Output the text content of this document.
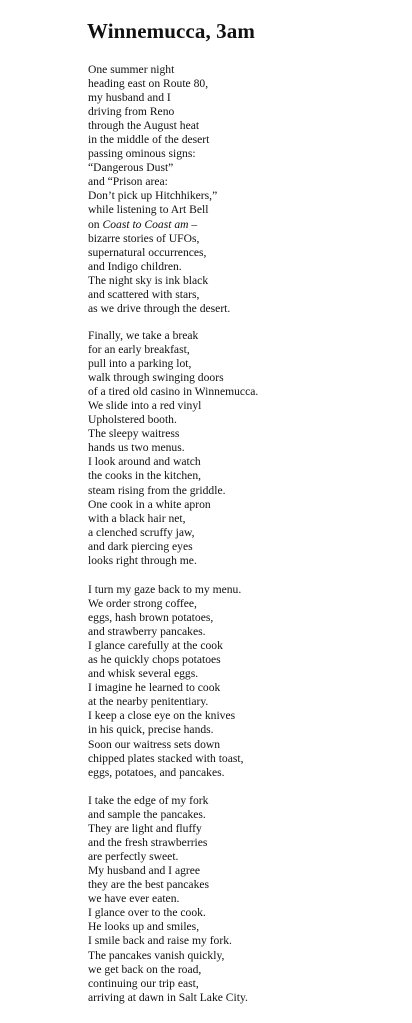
Winnemucca, 3am
One summer night
heading east on Route 80,
my husband and I
driving from Reno
through the August heat
in the middle of the desert
passing ominous signs:
“Dangerous Dust”
and “Prison area:
Don’t pick up Hitchhikers,”
while listening to Art Bell
on Coast to Coast am –
bizarre stories of UFOs,
supernatural occurrences,
and Indigo children.
The night sky is ink black
and scattered with stars,
as we drive through the desert.
Finally, we take a break
for an early breakfast,
pull into a parking lot,
walk through swinging doors
of a tired old casino in Winnemucca.
We slide into a red vinyl
Upholstered booth.
The sleepy waitress
hands us two menus.
I look around and watch
the cooks in the kitchen,
steam rising from the griddle.
One cook in a white apron
with a black hair net,
a clenched scruffy jaw,
and dark piercing eyes
looks right through me.
I turn my gaze back to my menu.
We order strong coffee,
eggs, hash brown potatoes,
and strawberry pancakes.
I glance carefully at the cook
as he quickly chops potatoes
and whisk several eggs.
I imagine he learned to cook
at the nearby penitentiary.
I keep a close eye on the knives
in his quick, precise hands.
Soon our waitress sets down
chipped plates stacked with toast,
eggs, potatoes, and pancakes.
I take the edge of my fork
and sample the pancakes.
They are light and fluffy
and the fresh strawberries
are perfectly sweet.
My husband and I agree
they are the best pancakes
we have ever eaten.
I glance over to the cook.
He looks up and smiles,
I smile back and raise my fork.
The pancakes vanish quickly,
we get back on the road,
continuing our trip east,
arriving at dawn in Salt Lake City.
